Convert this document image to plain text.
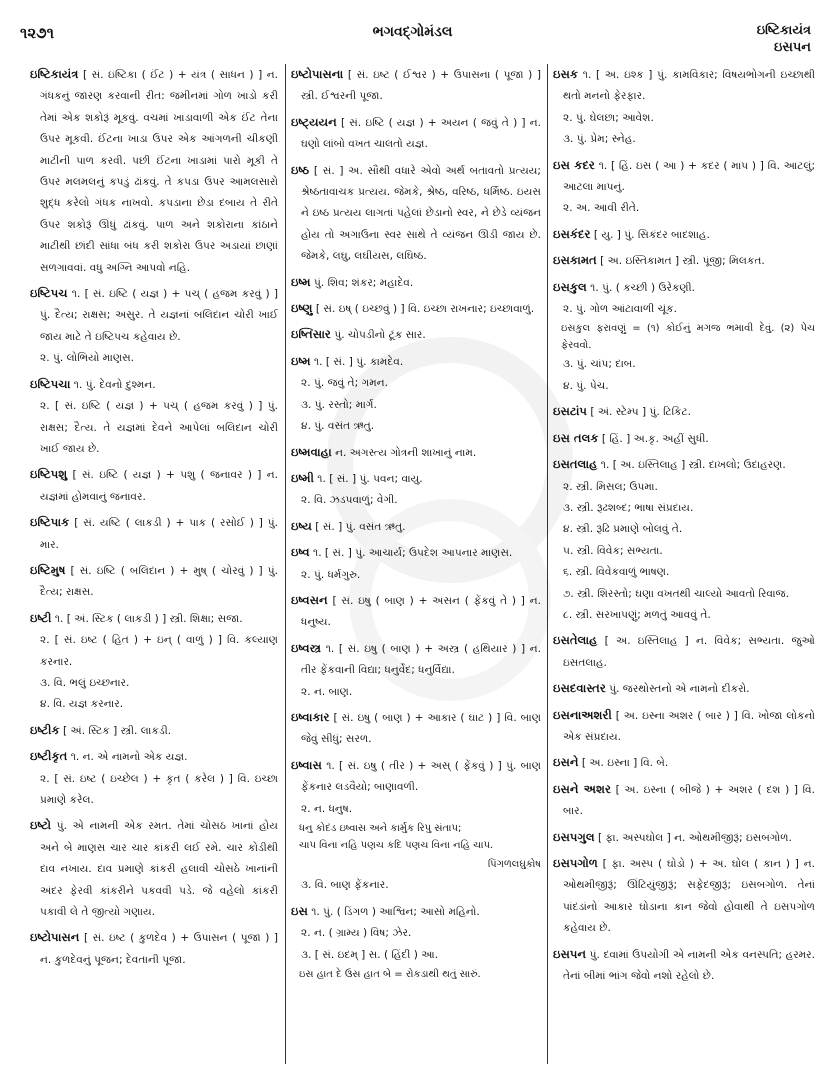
૧૨૭૧	ભગવદ્ગોમંડલ	ઇષ્ટિકાયંત્ર
ઇસપન
ઇષ્ટિકાયંત્ર [ સં. ઇષ્ટિકા ( ઈંટ ) + યંત્ર ( સાધન ) ] ન. ગંધકનું જારણ કરવાની રીત: જમીનમાં ગોળ ખાડો કરી તેમાં એક શકોરૂં મૂકવું. વચમાં ખાડાવાળી એક ઈંટ તેના ઉપર મૂકવી. ઈંટના ખાડા ઉપર એક આંગળની ચીકણી માટીની પાળ કરવી. પછી ઈંટના ખાડામાં પારો મૂકી તે ઉપર મલમલનું કપડું ઢાંકવું. તે કપડા ઉપર આમલસારો શુદ્ધ કરેલો ગંધક નાખવો. કપડાના છેડા દબાય તે રીતે ઉપર શકોરૂં ઊંધું ઢાંકવું. પાળ અને શકોરાના કાંઠાને માટીથી છાંદી સાંધા બંધ કરી શકોરા ઉપર અડાયાં છાણાં સળગાવવાં. વધુ અગ્નિ આપવો નહિ.
ઇષ્ટિપચ ૧. [ સં. ઇષ્ટિ ( યજ્ઞ ) + પચ્ ( હજમ કરવું ) ] પું. દૈત્ય; રાક્ષસ; અસુર. તે યજ્ઞનાં બલિદાન ચોરી ખાઈ જાય માટે તે ઇષ્ટિપચ કહેવાય છે.
૨. પું. લોભિયો માણસ.
ઇષ્ટિપચા ૧. પું. દેવનો દુશ્મન.
૨. [ સં. ઇષ્ટિ ( યજ્ઞ ) + પચ્ ( હજમ કરવું ) ] પું. રાક્ષસ; દૈત્ય. તે યજ્ઞમાં દેવને આપેલાં બલિદાન ચોરી ખાઈ જાય છે.
ઇષ્ટિપશુ [ સં. ઇષ્ટિ ( યજ્ઞ ) + પશુ ( જનાવર ) ] ન. યજ્ઞમાં હોમવાનું જનાવર.
ઇષ્ટિપાક [ સં. યષ્ટિ ( લાકડી ) + પાક ( રસોઈ ) ] પું. માર.
ઇષ્ટિમુષ [ સં. ઇષ્ટિ ( બલિદાન ) + મુષ્ ( ચોરવું ) ] પું. દૈત્ય; રાક્ષસ.
ઇષ્ટી ૧. [ અં. સ્ટિક ( લાકડી ) ] સ્ત્રી. શિક્ષા; સજા.
૨. [ સં. ઇષ્ટ ( હિત ) + ઇન્ ( વાળું ) ] વિ. કલ્યાણ કરનાર.
૩. વિ. ભલું ઇચ્છનાર.
૪. વિ. યજ્ઞ કરનાર.
ઇષ્ટીક [ અં. સ્ટિક ] સ્ત્રી. લાકડી.
ઇષ્ટીકૃત ૧. ન. એ નામનો એક યજ્ઞ.
૨. [ સં. ઇષ્ટ ( ઇચ્છેલ ) + કૃત ( કરેલ ) ] વિ. ઇચ્છા પ્રમાણે કરેલ.
ઇષ્ટો પું. એ નામની એક રમત. તેમાં ચોસઠ ખાનાં હોય અને બે માણસ ચાર ચાર કાંકરી લઈ રમે. ચાર કોડીથી દાવ નખાય. દાવ પ્રમાણે કાંકરી હલાવી ચોસઠે ખાનાંની અંદર ફેરવી કાંકરીને પકવવી પડે. જે વહેલો કાંકરી પકાવી લે તે જીત્યો ગણાય.
ઇષ્ટોપાસન [ સં. ઇષ્ટ ( કુળદેવ ) + ઉપાસન ( પૂજા ) ] ન. કુળદેવનું પૂજન; દેવતાની પૂજા.
ઇષ્ટોપાસના [ સં. ઇષ્ટ ( ઈશ્વર ) + ઉપાસના ( પૂજા ) ] સ્ત્રી. ઈશ્વરની પૂજા.
ઇષ્ટ્યયન [ સં. ઇષ્ટિ ( યજ્ઞ ) + અયન ( જવું તે ) ] ન. ઘણો લાંબો વખત ચાલતો યજ્ઞ.
ઇષ્ઠ [ સં. ] અ. સૌથી વધારે એવો અર્થ બતાવતો પ્રત્યય; શ્રેષ્ઠતાવાચક પ્રત્યય. જેમકે, શ્રેષ્ઠ, વરિષ્ઠ, ધર્મિષ્ઠ. ઇયસ ને ઇષ્ઠ પ્રત્યય લાગતાં પહેલાં છેડાનો સ્વર, ને છેડે વ્યંજન હોય તો અગાઉના સ્વર સાથે તે વ્યંજન ઊડી જાય છે. જેમકે, લઘુ, લઘીયસ, લઘિષ્ઠ.
ઇષ્મ પું. શિવ; શંકર; મહાદેવ.
ઇષ્ણુ [ સં. ઇષ્ ( ઇચ્છવું ) ] વિ. ઇચ્છા રાખનાર; ઇચ્છાવાળું.
ઇષ્તિસાર પું. ચોપડીનો ટૂંક સાર.
ઇષ્મ ૧. [ સં. ] પું. કામદેવ.
૨. પું. જવું તે; ગમન.
૩. પું. રસ્તો; માર્ગ.
૪. પું. વસંત ઋતુ.
ઇષ્મવાહા ન. અગસ્ત્ય ગોત્રની શાખાનું નામ.
ઇષ્મી ૧. [ સં. ] પું. પવન; વાયુ.
૨. વિ. ઝડપવાળું; વેગી.
ઇષ્ય [ સં. ] પું. વસંત ઋતુ.
ઇષ્વ ૧. [ સં. ] પું. આચાર્ય; ઉપદેશ આપનાર માણસ.
૨. પું. ધર્મગુરુ.
ઇષ્વસન [ સં. ઇષુ ( બાણ ) + અસન ( ફેંકવું તે ) ] ન. ધનુષ્ય.
ઇષ્વસ્ત્ર ૧. [ સં. ઇષુ ( બાણ ) + અસ્ત્ર ( હથિયાર ) ] ન. તીર ફેંકવાની વિદ્યા; ધનુર્વેદ; ધનુર્વિદ્યા.
૨. ન. બાણ.
ઇષ્વાકાર [ સં. ઇષુ ( બાણ ) + આકાર ( ઘાટ ) ] વિ. બાણ જેવું સીધું; સરળ.
ઇષ્વાસ ૧. [ સં. ઇષુ ( તીર ) + અસ્ ( ફેંકવું ) ] પું. બાણ ફેંકનાર લડવૈયો; બાણાવળી.
૨. ન. ધનુષ.
ધનુ કોદંડ ઇષ્વાસ અને કાર્મુક રિપુ સંતાપ;
ચાપ વિના નહિ પણચ કદિ પણચ વિના નહિ ચાપ.
પિંગળલઘુકોષ
૩. વિ. બાણ ફેંકનાર.
ઇસ ૧. પું. ( ડિંગળ ) આશ્વિન; આસો મહિનો.
૨. ન. ( ગ્રામ્ય ) વિષ; ઝેર.
૩. [ સં. ઇદમ્ ] સ. ( હિંદી ) આ.
ઇસ હાત દે ઉસ હાત બે = રોકડાથી થતું સારું.
ઇસક ૧. [ અ. ઇશ્ક ] પું. કામવિકાર; વિષયભોગની ઇચ્છાથી થતો મનનો ફેરફાર.
૨. પું. ઘેલછા; આવેશ.
૩. પું. પ્રેમ; સ્નેહ.
ઇસ કદર ૧. [ હિં. ઇસ ( આ ) + કદર ( માપ ) ] વિ. આટલું; આટલા માપનું.
૨. અ. આવી રીતે.
ઇસકંદર [ યુ. ] પું. સિકંદર બાદશાહ.
ઇસકામત [ અ. ઇસ્તિકામત ] સ્ત્રી. પૂંજી; મિલકત.
ઇસકુલ ૧. પું. ( કચ્છી ) ઉરેકણી.
૨. પું. ગોળ આંટાવાળી ચૂંક.
ઇસકુલ ફરાવણું = (૧) કોઈનું મગજ ભમાવી દેવું. (૨) પેચ ફેરવવો.
૩. પું. ચાંપ; દાબ.
૪. પું. પેચ.
ઇસટાંપ [ અં. સ્ટેમ્પ ] પું. ટિકિટ.
ઇસ તલક [ હિં. ] અ.કૃ. અહીં સુધી.
ઇસતલાહ ૧. [ અ. ઇસ્તિલાહ ] સ્ત્રી. દાખલો; ઉદાહરણ.
૨. સ્ત્રી. મિસલ; ઉપમા.
૩. સ્ત્રી. રૂઢશબ્દ; ભાષા સંપ્રદાય.
૪. સ્ત્રી. રૂઢિ પ્રમાણે બોલવું તે.
૫. સ્ત્રી. વિવેક; સભ્યતા.
૬. સ્ત્રી. વિવેકવાળું ભાષણ.
૭. સ્ત્રી. શિરસ્તો; ઘણા વખતથી ચાલ્યો આવતો રિવાજ.
૮. સ્ત્રી. સરખાપણું; મળતું આવવું તે.
ઇસતેલાહ [ અ. ઇસ્તિલાહ ] ન. વિવેક; સભ્યતા. જુઓ ઇસતલાહ.
ઇસદવાસ્તર પું. જરથોસ્તનો એ નામનો દીકરો.
ઇસનાઅશરી [ અ. ઇસ્ના અશર ( બાર ) ] વિ. ખોજા લોકનો એક સંપ્રદાય.
ઇસને [ અ. ઇસ્ના ] વિ. બે.
ઇસને અશર [ અ. ઇસ્ના ( બીજે ) + અશર ( દશ ) ] વિ. બાર.
ઇસપગુલ [ ફા. અસ્પઘોલ ] ન. ઓથમીજીરૂં; ઇસબગોળ.
ઇસપગોળ [ ફા. અસ્પ ( ઘોડો ) + અ. ઘોલ ( કાન ) ] ન. ઓથમીજીરૂં; ઊંટિયુંજીરૂં; સફેદજીરૂં; ઇસબગોળ. તેનાં પાંદડાંનો આકાર ઘોડાના કાન જેવો હોવાથી તે ઇસપગોળ કહેવાય છે.
ઇસપન પું. દવામાં ઉપયોગી એ નામની એક વનસ્પતિ; હરમર. તેનાં બીમાં ભાંગ જેવો નશો રહેલો છે.
